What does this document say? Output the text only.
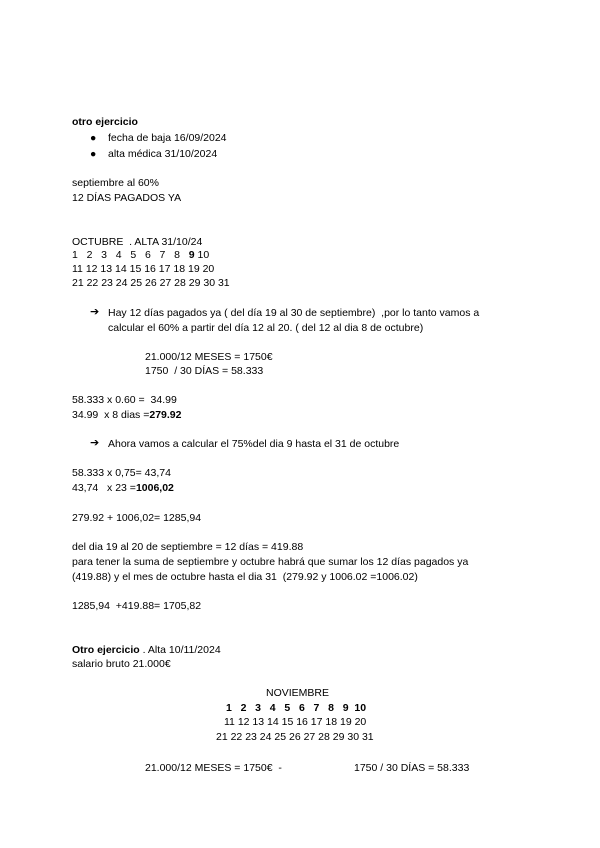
otro ejercicio
● fecha de baja 16/09/2024
● alta médica 31/10/2024
septiembre al 60%
12 DÍAS PAGADOS YA
OCTUBRE  . ALTA 31/10/24
1   2   3   4   5   6   7   8   9 10
11 12 13 14 15 16 17 18 19 20
21 22 23 24 25 26 27 28 29 30 31
➔ Hay 12 días pagados ya ( del día 19 al 30 de septiembre)  ,por lo tanto vamos a
calcular el 60% a partir del día 12 al 20. ( del 12 al dia 8 de octubre)
21.000/12 MESES = 1750€
1750  / 30 DÍAS = 58.333
58.333 x 0.60 =  34.99
34.99  x 8 dias =279.92
➔ Ahora vamos a calcular el 75%del dia 9 hasta el 31 de octubre
58.333 x 0,75= 43,74
43,74   x 23 =1006,02
279.92 + 1006,02= 1285,94
del dia 19 al 20 de septiembre = 12 días = 419.88
para tener la suma de septiembre y octubre habrá que sumar los 12 días pagados ya
(419.88) y el mes de octubre hasta el dia 31  (279.92 y 1006.02 =1006.02)
1285,94  +419.88= 1705,82
Otro ejercicio . Alta 10/11/2024
salario bruto 21.000€
NOVIEMBRE
1   2   3   4   5   6   7   8   9  10
11 12 13 14 15 16 17 18 19 20
21 22 23 24 25 26 27 28 29 30 31
21.000/12 MESES = 1750€  -	1750 / 30 DÍAS = 58.333
